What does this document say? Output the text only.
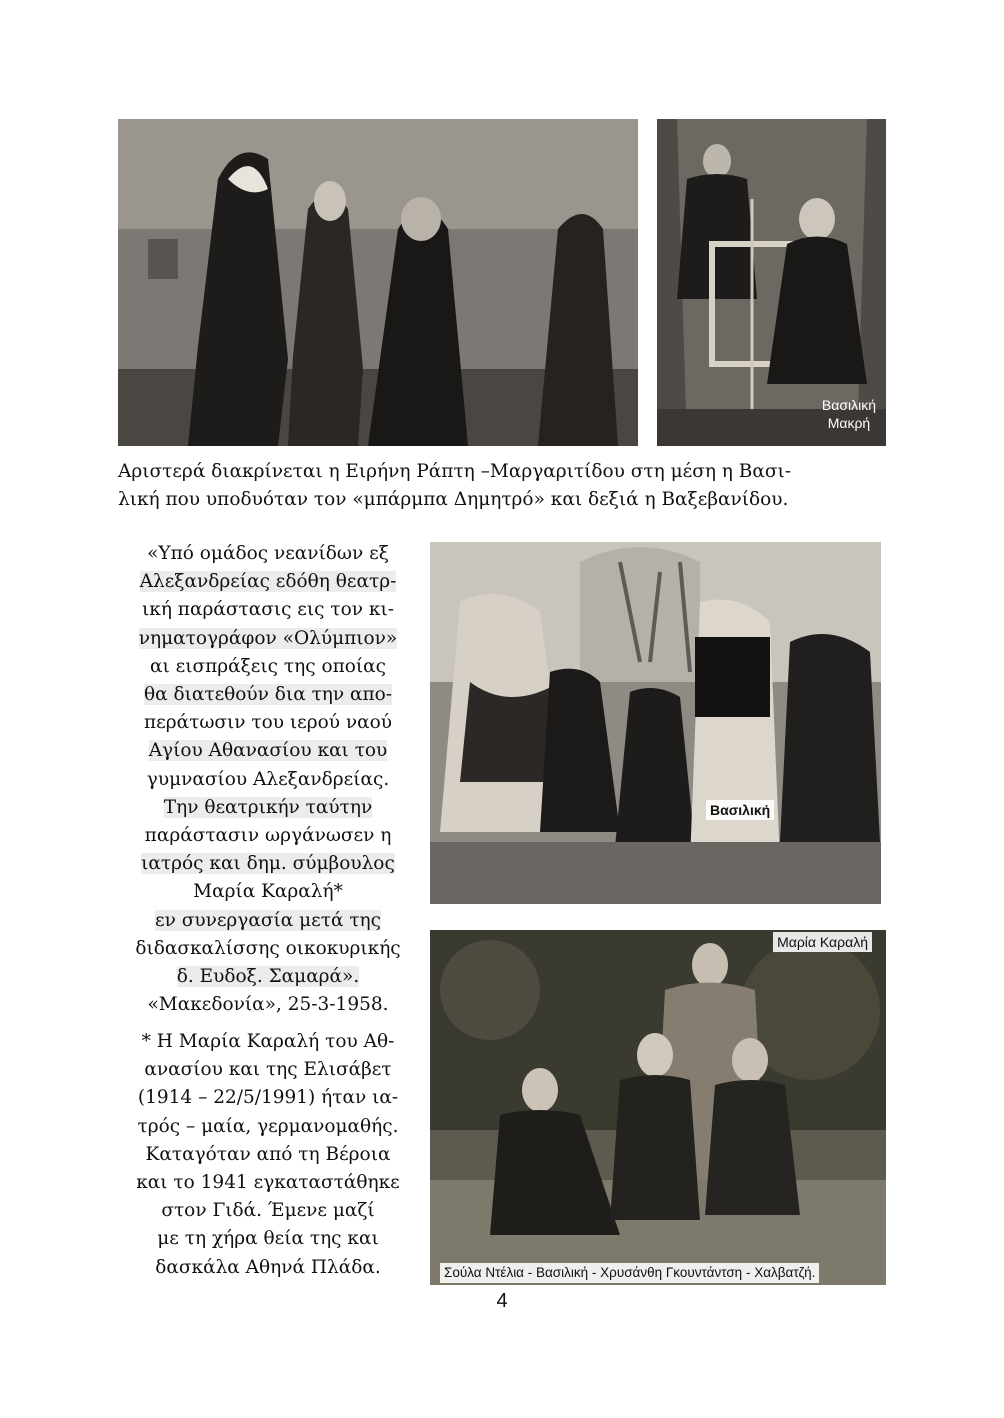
Βασιλική
Μακρή
Αριστερά διακρίνεται η Ειρήνη Ράπτη –Μαργαριτίδου στη μέση η Βασι-
λική που υποδυόταν τον «μπάρμπα Δημητρό» και δεξιά η Βαξεβανίδου.
Βασιλική
Μαρία Καραλή
Σούλα Ντέλια - Βασιλική - Χρυσάνθη Γκουντάντση - Χαλβατζή.
«Υπό ομάδος νεανίδων εξ
Αλεξανδρείας εδόθη θεατρ-
ική παράστασις εις τον κι-
νηματογράφον «Ολύμπιον»
αι εισπράξεις της οποίας
θα διατεθούν δια την απο-
περάτωσιν του ιερού ναού
Αγίου Αθανασίου και του
γυμνασίου Αλεξανδρείας.
Την θεατρικήν ταύτην
παράστασιν ωργάνωσεν η
ιατρός και δημ. σύμβουλος
Μαρία Καραλή*
εν συνεργασία μετά της
διδασκαλίσσης οικοκυρικής
δ. Ευδοξ. Σαμαρά».
«Μακεδονία», 25-3-1958.
* Η Μαρία Καραλή του Αθ-
ανασίου και της Ελισάβετ
(1914 – 22/5/1991) ήταν ια-
τρός – μαία, γερμανομαθής.
Καταγόταν από τη Βέροια
και το 1941 εγκαταστάθηκε
στον Γιδά. Έμενε μαζί
με τη χήρα θεία της και
δασκάλα Αθηνά Πλάδα.
4
